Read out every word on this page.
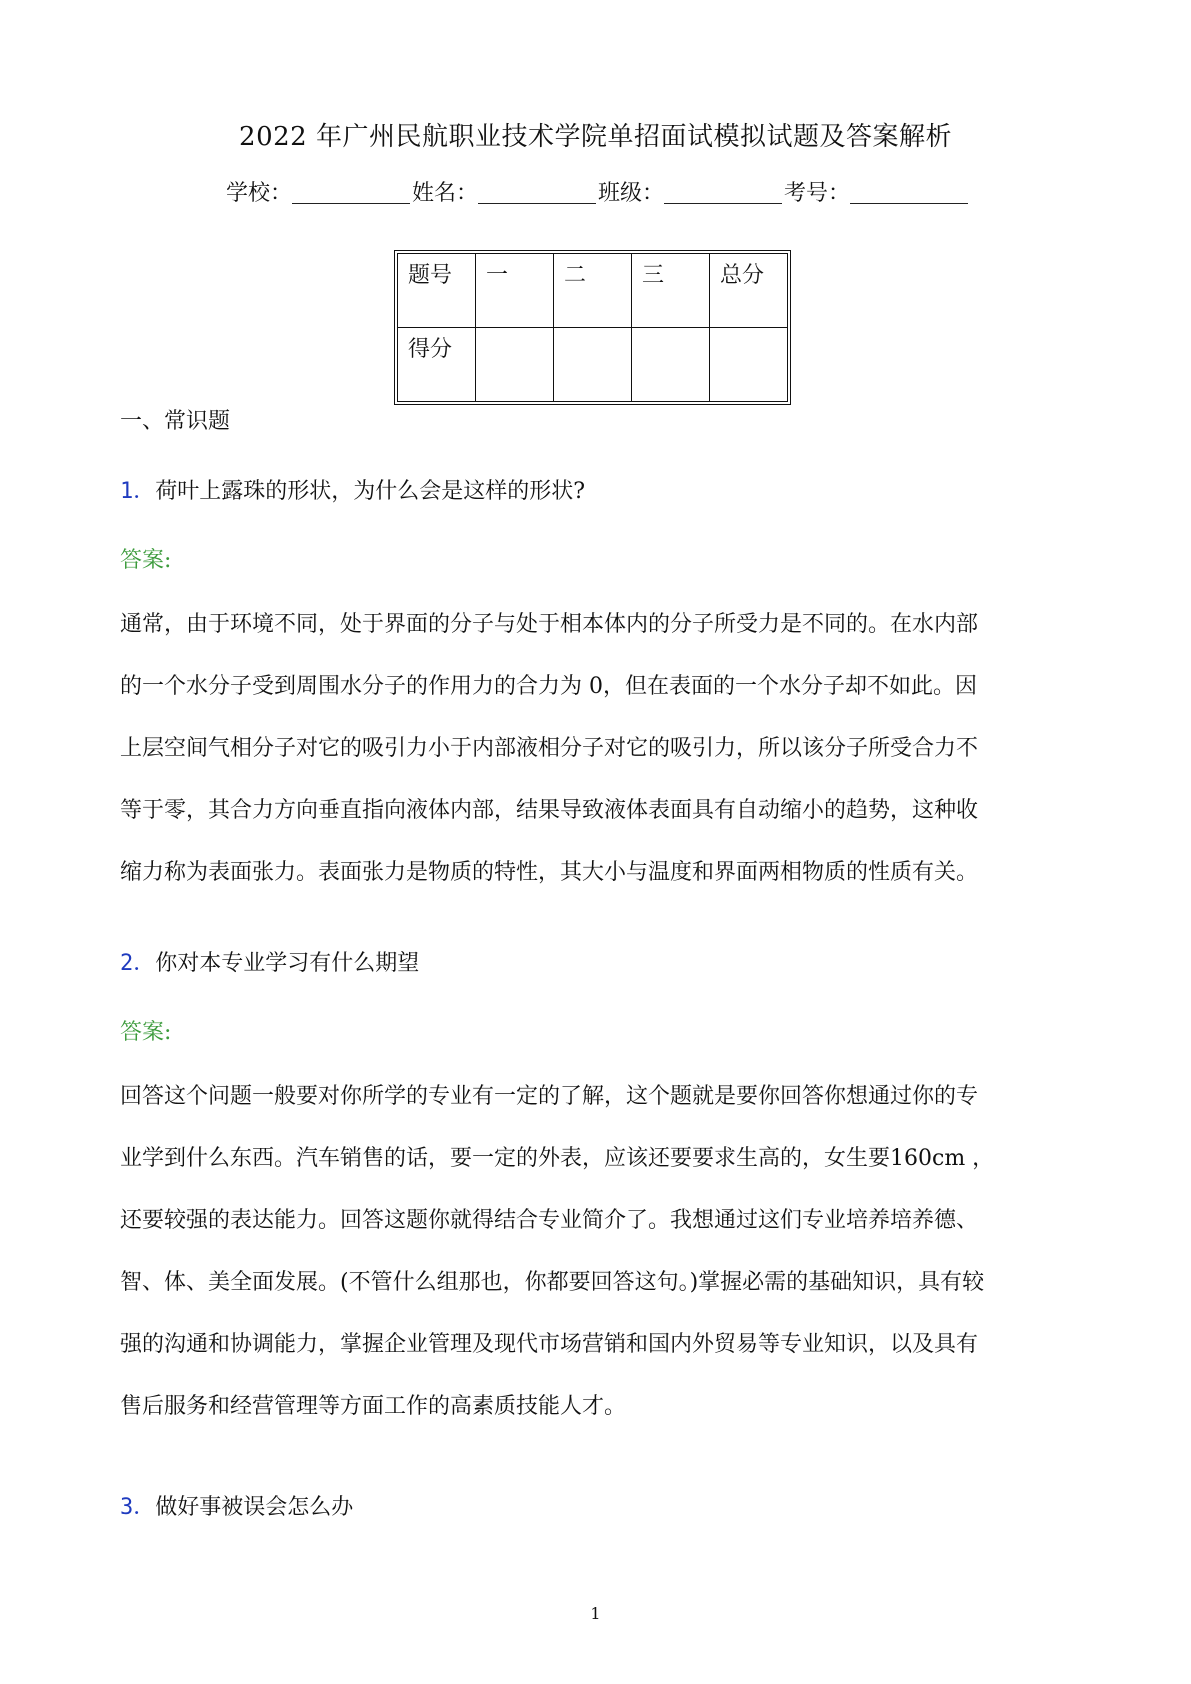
2022 年广州民航职业技术学院单招面试模拟试题及答案解析
学校：	姓名：	班级：	考号：
题号	一	二	三	总分
得分				
一、常识题
1．荷叶上露珠的形状，为什么会是这样的形状?
答案:
通常，由于环境不同，处于界面的分子与处于相本体内的分子所受力是不同的。在水内部
的一个水分子受到周围水分子的作用力的合力为 0，但在表面的一个水分子却不如此。因
上层空间气相分子对它的吸引力小于内部液相分子对它的吸引力，所以该分子所受合力不
等于零，其合力方向垂直指向液体内部，结果导致液体表面具有自动缩小的趋势，这种收
缩力称为表面张力。表面张力是物质的特性，其大小与温度和界面两相物质的性质有关。
2．你对本专业学习有什么期望
答案:
回答这个问题一般要对你所学的专业有一定的了解，这个题就是要你回答你想通过你的专
业学到什么东西。汽车销售的话，要一定的外表，应该还要要求生高的，女生要160cm ，
还要较强的表达能力。回答这题你就得结合专业简介了。我想通过这们专业培养培养德、
智、体、美全面发展。(不管什么组那也，你都要回答这句。)掌握必需的基础知识，具有较
强的沟通和协调能力，掌握企业管理及现代市场营销和国内外贸易等专业知识，以及具有
售后服务和经营管理等方面工作的高素质技能人才。
3．做好事被误会怎么办
1
